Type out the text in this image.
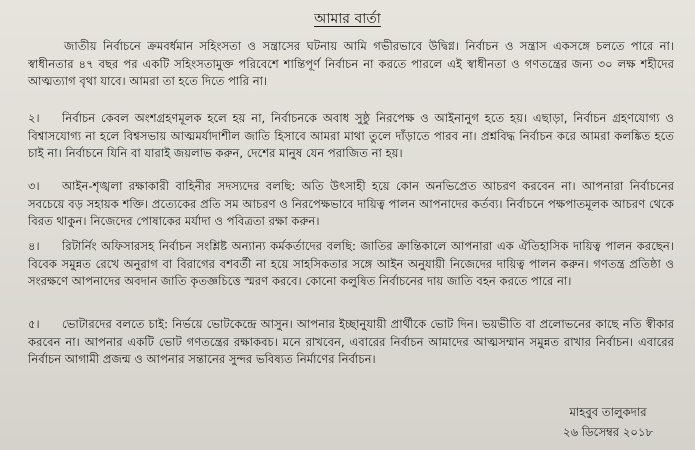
আমার বার্তা

জাতীয় নির্বাচনে ক্রমবর্ধমান সহিংসতা ও সন্ত্রাসের ঘটনায় আমি গভীরভাবে উদ্বিগ্ন। নির্বাচন ও সন্ত্রাস একসঙ্গে চলতে পারে না। স্বাধীনতার ৪৭ বছর পর একটি সহিংসতামুক্ত পরিবেশে শান্তিপূর্ণ নির্বাচন না করতে পারলে এই স্বাধীনতা ও গণতন্ত্রের জন্য ৩০ লক্ষ শহীদের আত্মত্যাগ বৃথা যাবে। আমরা তা হতে দিতে পারি না।

২। নির্বাচন কেবল অংশগ্রহণমূলক হলে হয় না, নির্বাচনকে অবাধ সুষ্ঠু নিরপেক্ষ ও আইনানুগ হতে হয়। এছাড়া, নির্বাচন গ্রহণযোগ্য ও বিশ্বাসযোগ্য না হলে বিশ্বসভায় আত্মমর্যাদাশীল জাতি হিসাবে আমরা মাথা তুলে দাঁড়াতে পারব না। প্রশ্নবিদ্ধ নির্বাচন করে আমরা কলঙ্কিত হতে চাই না। নির্বাচনে যিনি বা যারাই জয়লাভ করুন, দেশের মানুষ যেন পরাজিত না হয়।

৩। আইন-শৃঙ্খলা রক্ষাকারী বাহিনীর সদস্যদের বলছি: অতি উৎসাহী হয়ে কোন অনভিপ্রেত আচরণ করবেন না। আপনারা নির্বাচনের সবচেয়ে বড় সহায়ক শক্তি। প্রত্যেকের প্রতি সম আচরণ ও নিরপেক্ষভাবে দায়িত্ব পালন আপনাদের কর্তব্য। নির্বাচনে পক্ষপাতমূলক আচরণ থেকে বিরত থাকুন। নিজেদের পোষাকের মর্যাদা ও পবিত্রতা রক্ষা করুন।

৪। রিটার্নিং অফিসারসহ নির্বাচন সংশ্লিষ্ট অন্যান্য কর্মকর্তাদের বলছি: জাতির ক্রান্তিকালে আপনারা এক ঐতিহাসিক দায়িত্ব পালন করছেন। বিবেক সমুন্নত রেখে অনুরাগ বা বিরাগের বশবর্তী না হয়ে সাহসিকতার সঙ্গে আইন অনুযায়ী নিজেদের দায়িত্ব পালন করুন। গণতন্ত্র প্রতিষ্ঠা ও সংরক্ষণে আপনাদের অবদান জাতি কৃতজ্ঞচিত্তে স্মরণ করবে। কোনো কলুষিত নির্বাচনের দায় জাতি বহন করতে পারে না।

৫। ভোটারদের বলতে চাই: নির্ভয়ে ভোটকেন্দ্রে আসুন। আপনার ইচ্ছানুযায়ী প্রার্থীকে ভোট দিন। ভয়ভীতি বা প্রলোভনের কাছে নতি স্বীকার করবেন না। আপনার একটি ভোট গণতন্ত্রের রক্ষাকবচ। মনে রাখবেন, এবারের নির্বাচন আমাদের আত্মসম্মান সমুন্নত রাখার নির্বাচন। এবারের নির্বাচন আগামী প্রজন্ম ও আপনার সন্তানের সুন্দর ভবিষ্যত নির্মাণের নির্বাচন।

মাহবুব তালুকদার
২৬ ডিসেম্বর ২০১৮
